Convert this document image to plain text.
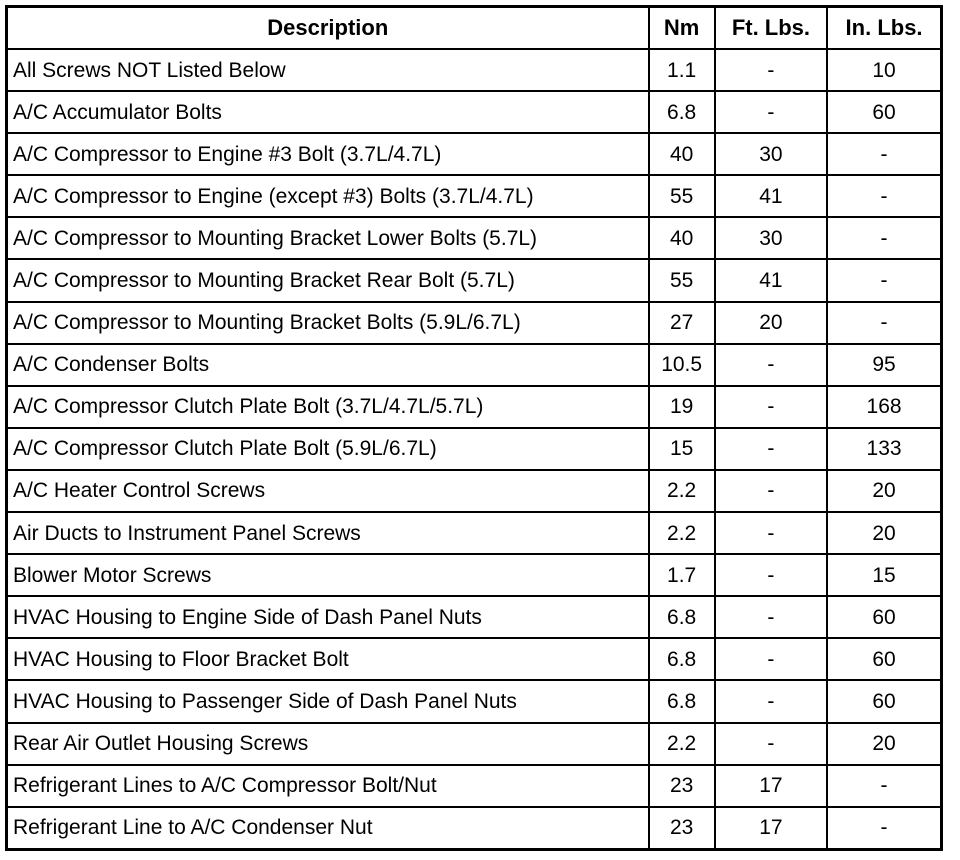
Description	Nm	Ft. Lbs.	In. Lbs.
All Screws NOT Listed Below	1.1	-	10
A/C Accumulator Bolts	6.8	-	60
A/C Compressor to Engine #3 Bolt (3.7L/4.7L)	40	30	-
A/C Compressor to Engine (except #3) Bolts (3.7L/4.7L)	55	41	-
A/C Compressor to Mounting Bracket Lower Bolts (5.7L)	40	30	-
A/C Compressor to Mounting Bracket Rear Bolt (5.7L)	55	41	-
A/C Compressor to Mounting Bracket Bolts (5.9L/6.7L)	27	20	-
A/C Condenser Bolts	10.5	-	95
A/C Compressor Clutch Plate Bolt (3.7L/4.7L/5.7L)	19	-	168
A/C Compressor Clutch Plate Bolt (5.9L/6.7L)	15	-	133
A/C Heater Control Screws	2.2	-	20
Air Ducts to Instrument Panel Screws	2.2	-	20
Blower Motor Screws	1.7	-	15
HVAC Housing to Engine Side of Dash Panel Nuts	6.8	-	60
HVAC Housing to Floor Bracket Bolt	6.8	-	60
HVAC Housing to Passenger Side of Dash Panel Nuts	6.8	-	60
Rear Air Outlet Housing Screws	2.2	-	20
Refrigerant Lines to A/C Compressor Bolt/Nut	23	17	-
Refrigerant Line to A/C Condenser Nut	23	17	-
